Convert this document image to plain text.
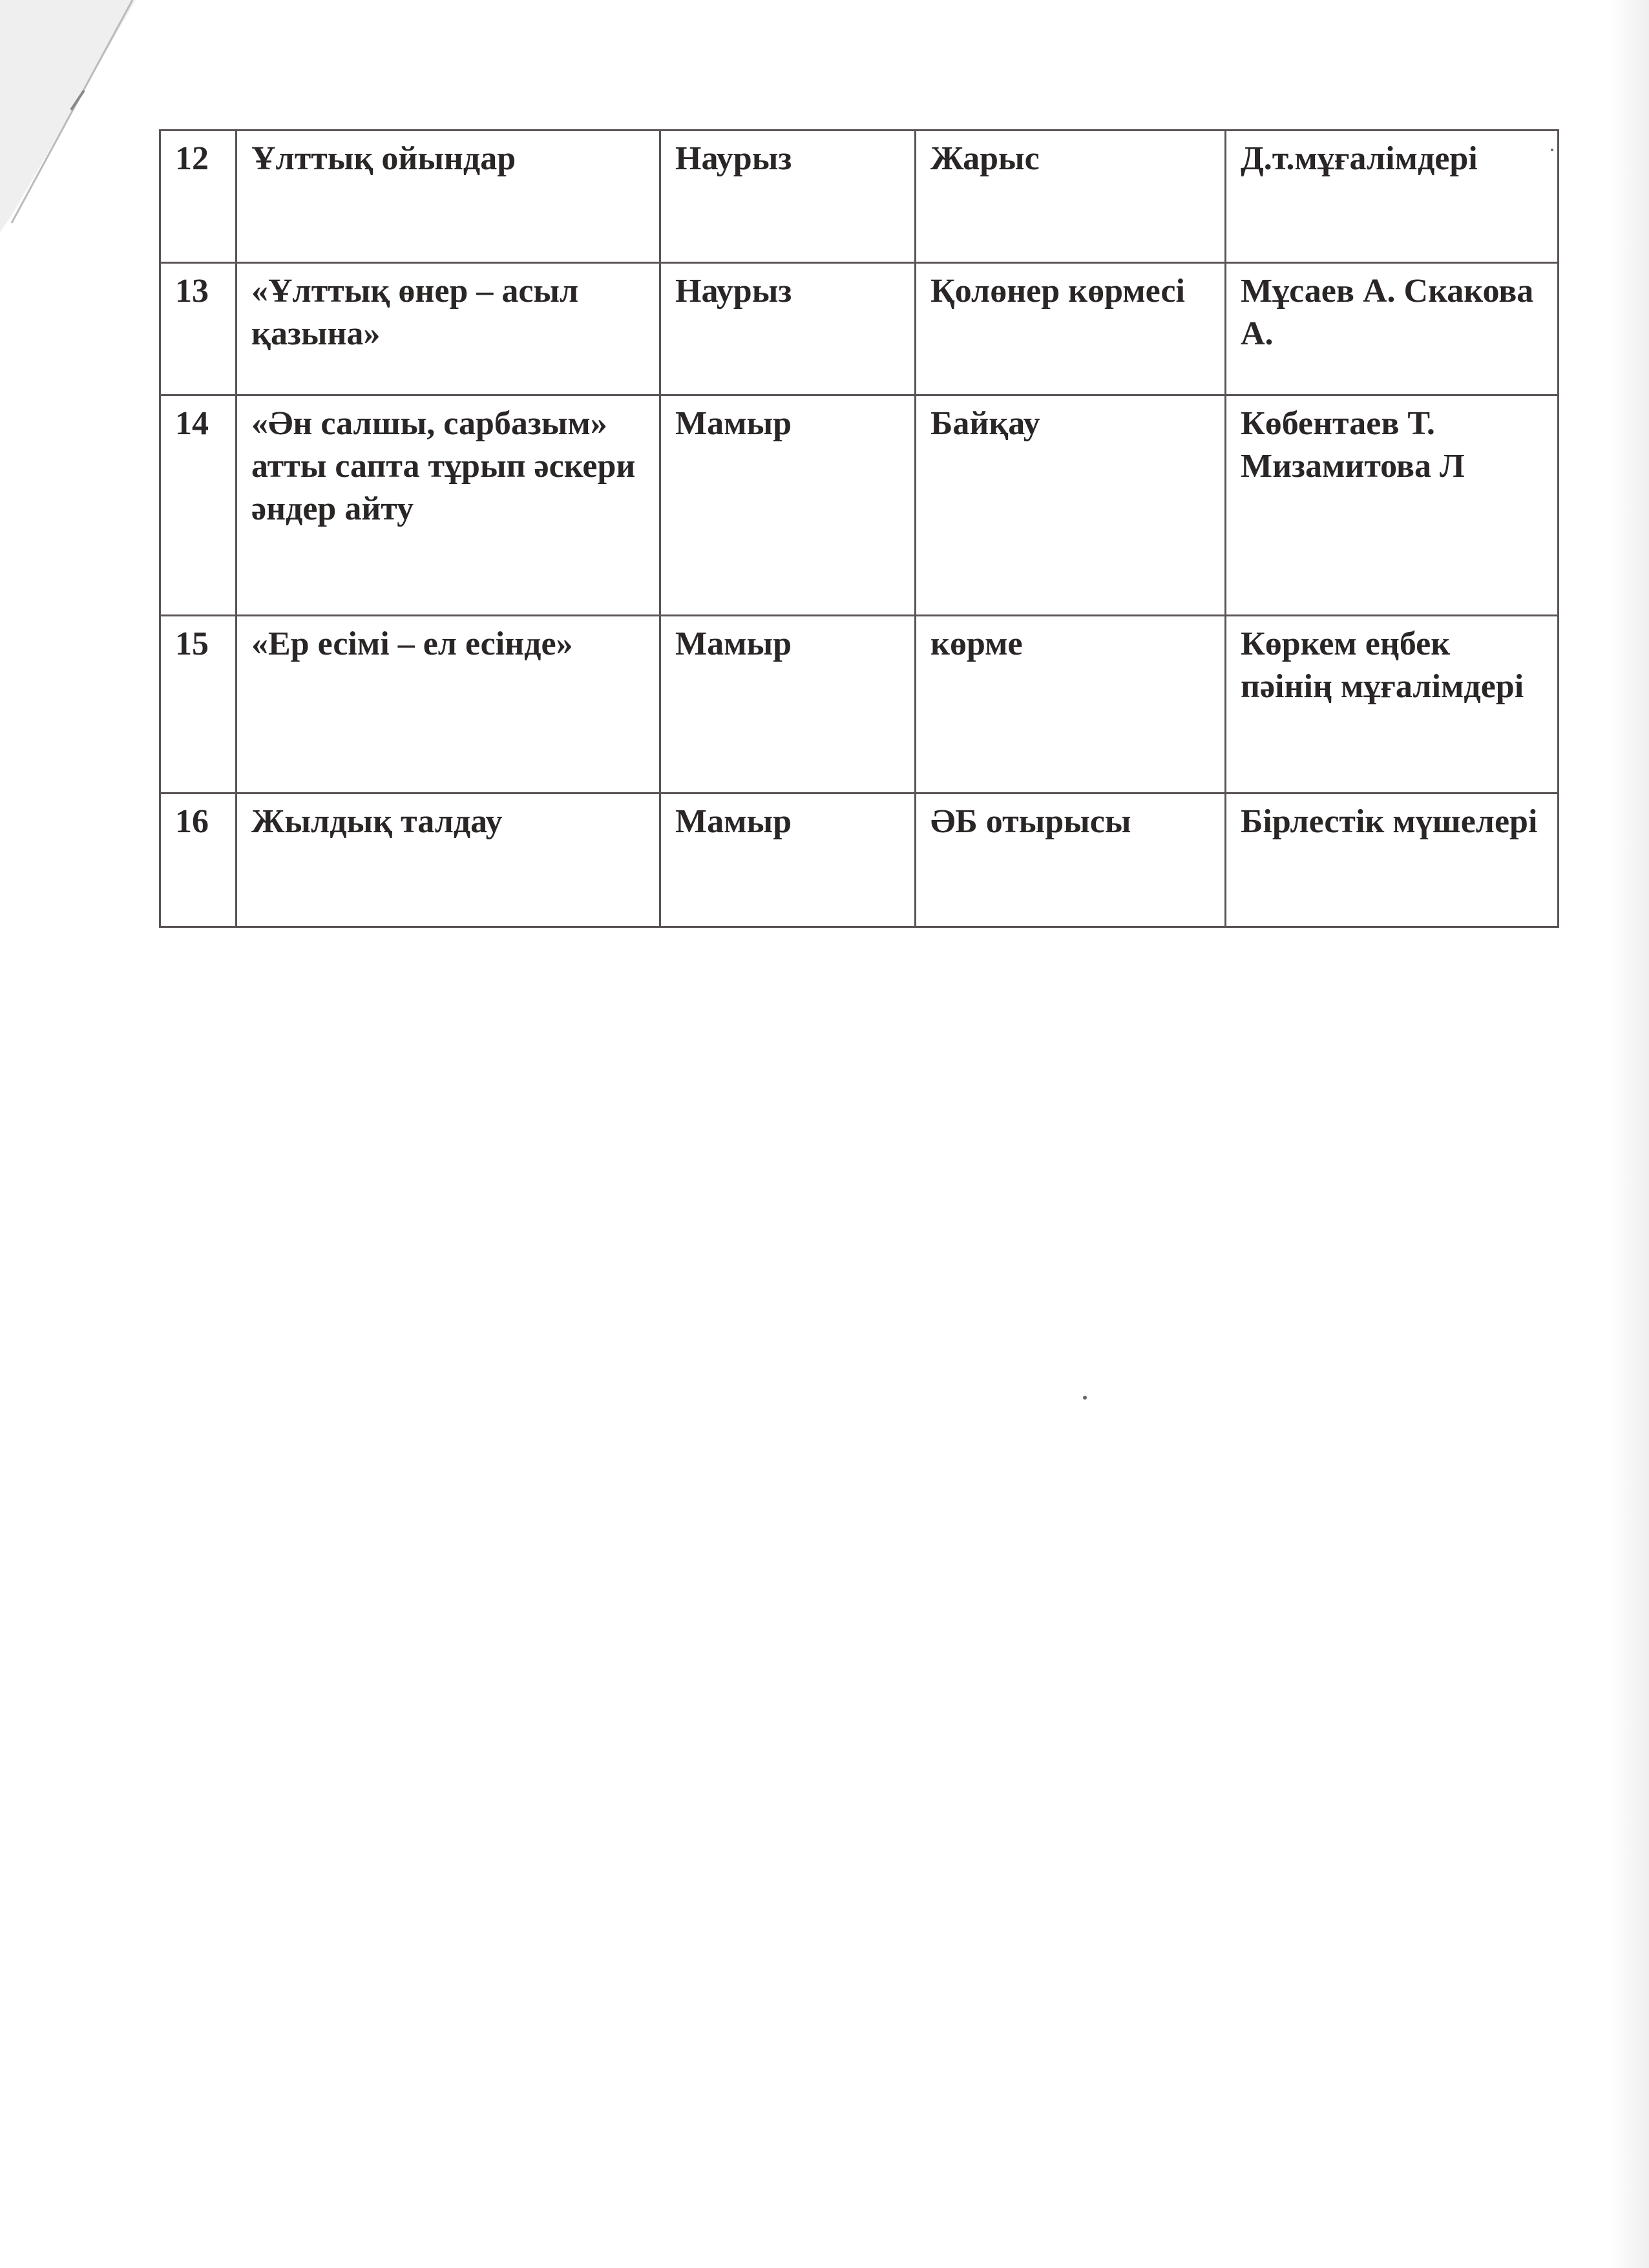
12	Ұлттық ойындар	Наурыз	Жарыс	Д.т.мұғалімдері
13	«Ұлттық өнер – асыл қазына»	Наурыз	Қолөнер көрмесі	Мұсаев А. Скакова А.
14	«Ән салшы, сарбазым» атты сапта тұрып әскери әндер айту	Мамыр	Байқау	Көбентаев Т. Мизамитова Л
15	«Ер есімі – ел есінде»	Мамыр	көрме	Көркем еңбек пәінің мұғалімдері
16	Жылдық талдау	Мамыр	ӘБ отырысы	Бірлестік мүшелері
